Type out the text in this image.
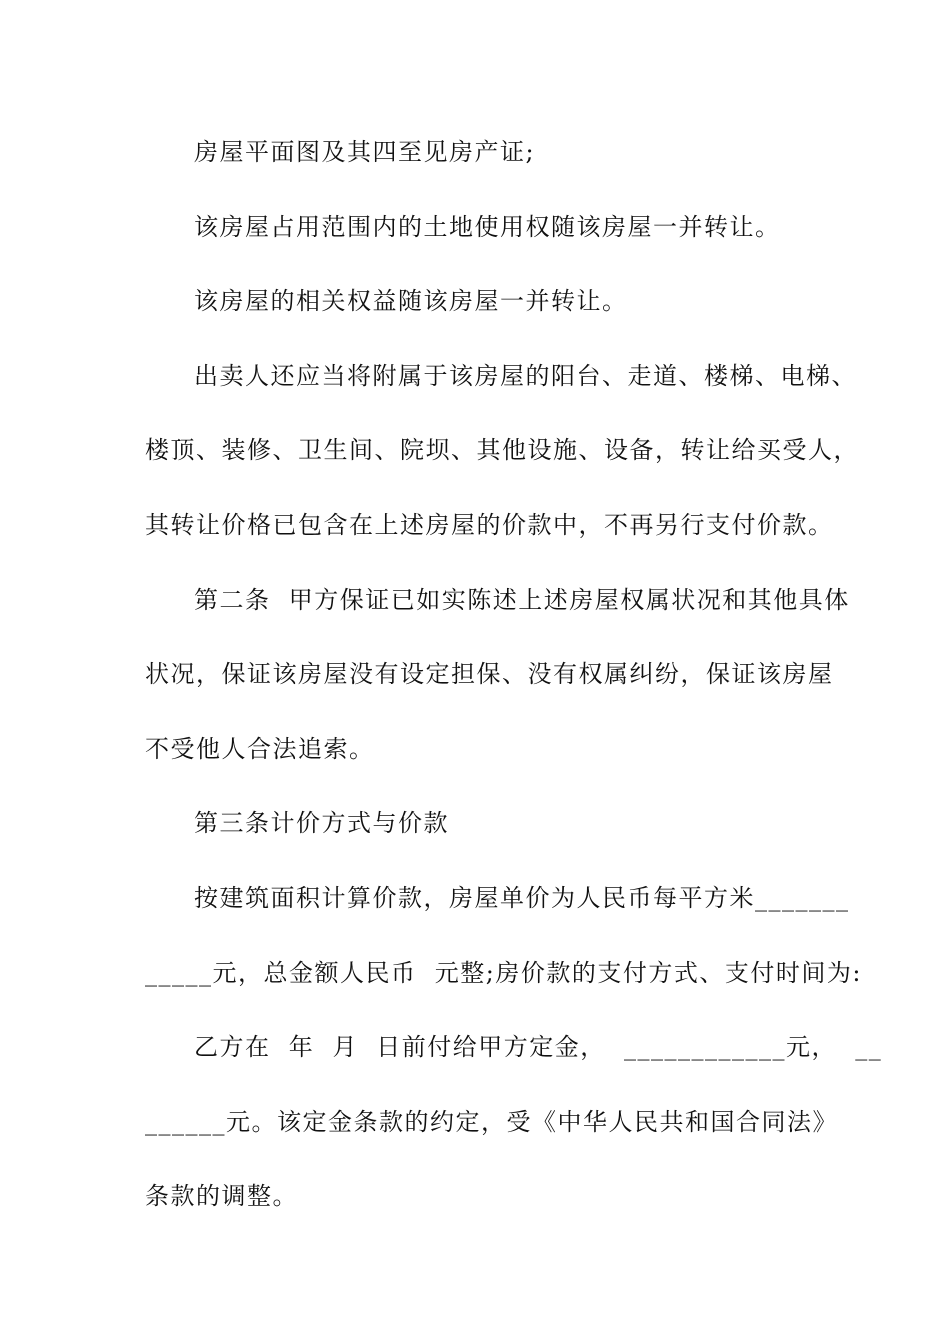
房屋平面图及其四至见房产证;
该房屋占用范围内的土地使用权随该房屋一并转让。
该房屋的相关权益随该房屋一并转让。
出卖人还应当将附属于该房屋的阳台、走道、楼梯、电梯、
楼顶、装修、卫生间、院坝、其他设施、设备，转让给买受人，
其转让价格已包含在上述房屋的价款中，不再另行支付价款。
第二条  甲方保证已如实陈述上述房屋权属状况和其他具体
状况，保证该房屋没有设定担保、没有权属纠纷，保证该房屋
不受他人合法追索。
第三条计价方式与价款
按建筑面积计算价款，房屋单价为人民币每平方米_______
_____元，总金额人民币  元整;房价款的支付方式、支付时间为:
乙方在  年  月  日前付给甲方定金，  ____________元，  __
______元。该定金条款的约定，受《中华人民共和国合同法》
条款的调整。
